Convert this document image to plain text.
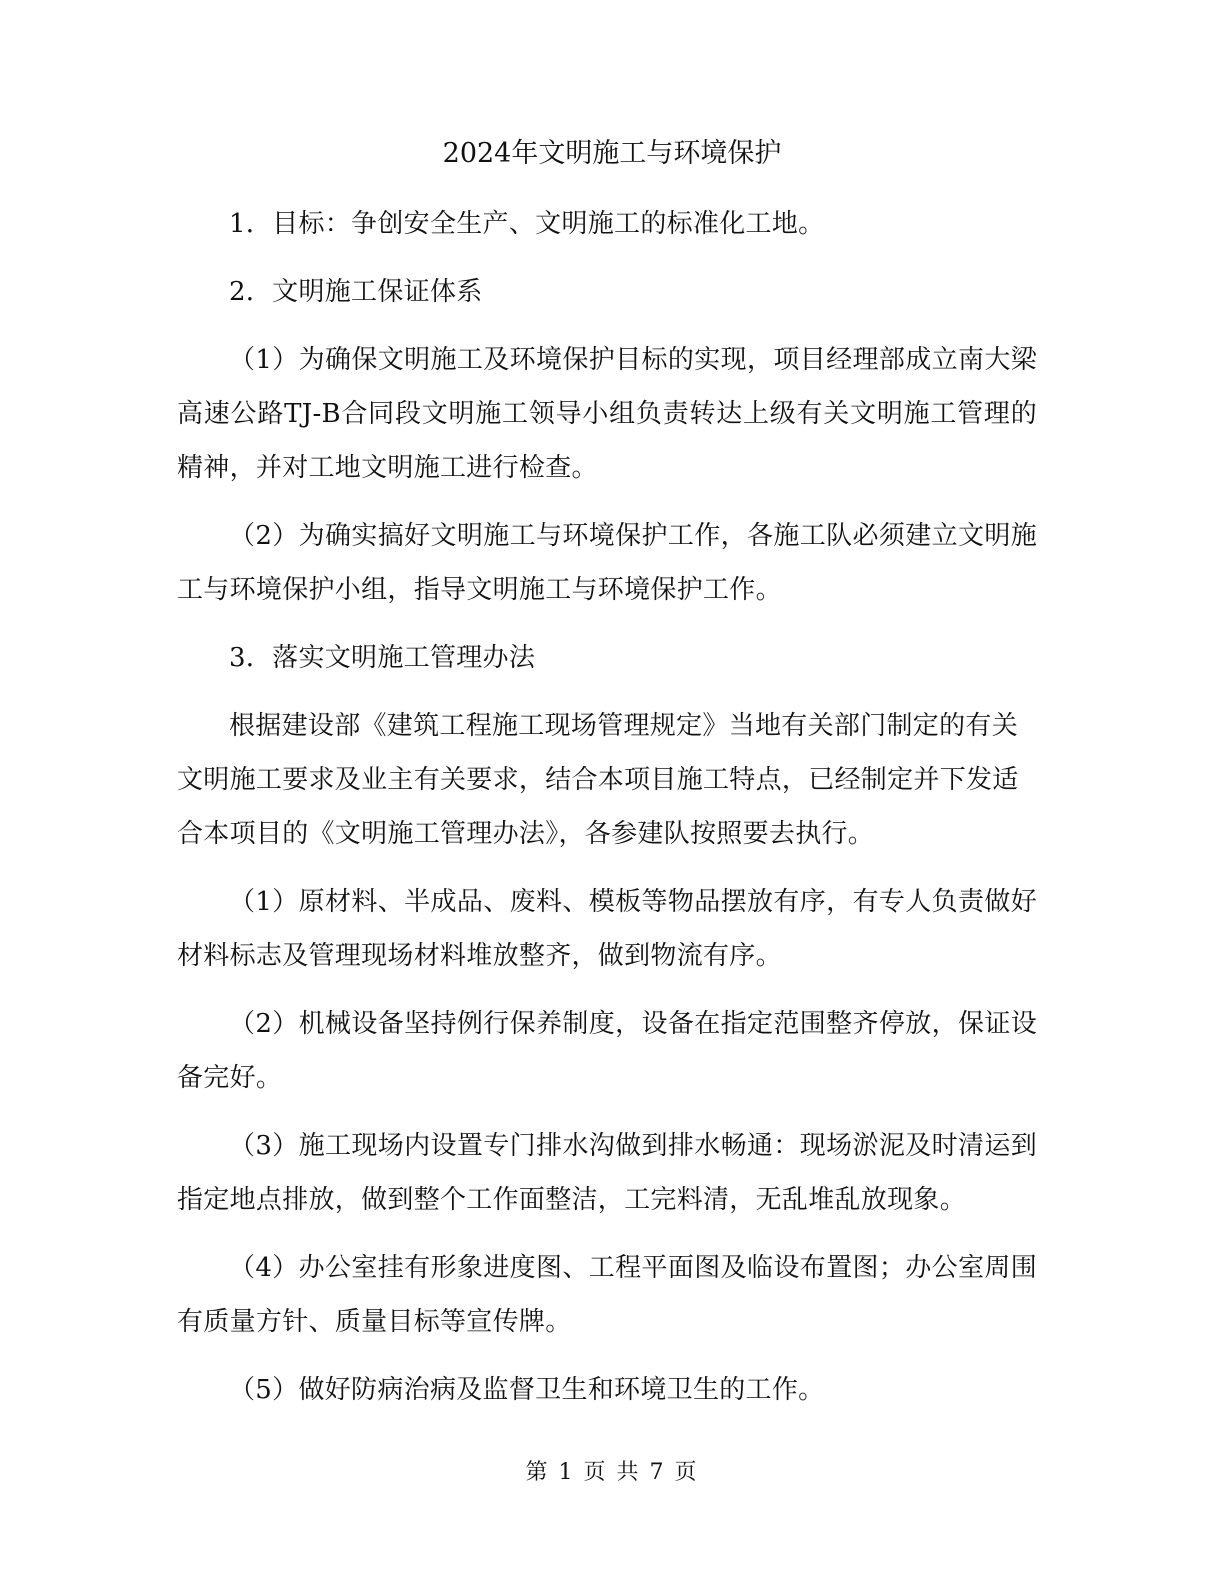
2024年文明施工与环境保护

1．目标：争创安全生产、文明施工的标准化工地。

2．文明施工保证体系

（1）为确保文明施工及环境保护目标的实现，项目经理部成立南大梁高速公路TJ-B合同段文明施工领导小组负责转达上级有关文明施工管理的精神，并对工地文明施工进行检查。

（2）为确实搞好文明施工与环境保护工作，各施工队必须建立文明施工与环境保护小组，指导文明施工与环境保护工作。

3．落实文明施工管理办法

根据建设部《建筑工程施工现场管理规定》当地有关部门制定的有关文明施工要求及业主有关要求，结合本项目施工特点，已经制定并下发适合本项目的《文明施工管理办法》，各参建队按照要去执行。

（1）原材料、半成品、废料、模板等物品摆放有序，有专人负责做好材料标志及管理现场材料堆放整齐，做到物流有序。

（2）机械设备坚持例行保养制度，设备在指定范围整齐停放，保证设备完好。

（3）施工现场内设置专门排水沟做到排水畅通：现场淤泥及时清运到指定地点排放，做到整个工作面整洁，工完料清，无乱堆乱放现象。

（4）办公室挂有形象进度图、工程平面图及临设布置图；办公室周围有质量方针、质量目标等宣传牌。

（5）做好防病治病及监督卫生和环境卫生的工作。

第 1 页 共 7 页
